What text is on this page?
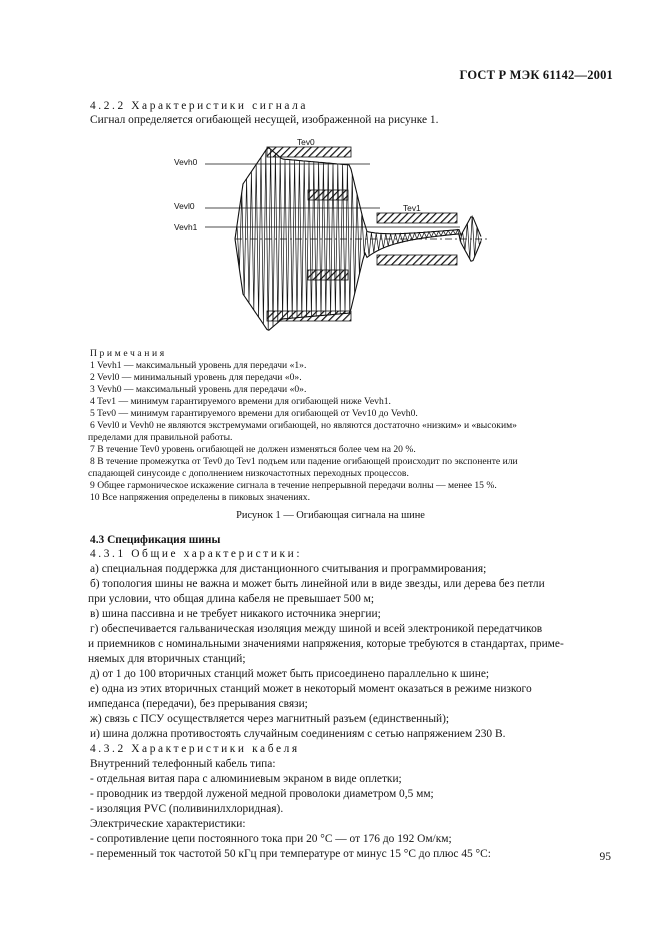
ГОСТ Р МЭК 61142—2001
4.2.2 Характеристики сигнала
Сигнал определяется огибающей несущей, изображенной на рисунке 1.
Vevh0
Vevl0
Vevh1
Tev0
Tev1
Примечания
1 Vevh1 — максимальный уровень для передачи «1».
2 Vevl0 — минимальный уровень для передачи «0».
3 Vevh0 — максимальный уровень для передачи «0».
4 Tev1 — минимум гарантируемого времени для огибающей ниже Vevh1.
5 Tev0 — минимум гарантируемого времени для огибающей от Vev10 до Vevh0.
6 Vevl0 и Vevh0 не являются экстремумами огибающей, но являются достаточно «низким» и «высоким»
пределами для правильной работы.
7 В течение Tev0 уровень огибающей не должен изменяться более чем на 20 %.
8 В течение промежутка от Tev0 до Tev1 подъем или падение огибающей происходит по экспоненте или
спадающей синусоиде с дополнением низкочастотных переходных процессов.
9 Общее гармоническое искажение сигнала в течение непрерывной передачи волны — менее 15 %.
10 Все напряжения определены в пиковых значениях.
Рисунок 1 — Огибающая сигнала на шине
4.3 Спецификация шины
4.3.1 Общие характеристики:
а) специальная поддержка для дистанционного считывания и программирования;
б) топология шины не важна и может быть линейной или в виде звезды, или дерева без петли
при условии, что общая длина кабеля не превышает 500 м;
в) шина пассивна и не требует никакого источника энергии;
г) обеспечивается гальваническая изоляция между шиной и всей электроникой передатчиков
и приемников с номинальными значениями напряжения, которые требуются в стандартах, приме-
няемых для вторичных станций;
д) от 1 до 100 вторичных станций может быть присоединено параллельно к шине;
е) одна из этих вторичных станций может в некоторый момент оказаться в режиме низкого
импеданса (передачи), без прерывания связи;
ж) связь с ПСУ осуществляется через магнитный разъем (единственный);
и) шина должна противостоять случайным соединениям с сетью напряжением 230 В.
4.3.2 Характеристики кабеля
Внутренний телефонный кабель типа:
- отдельная витая пара с алюминиевым экраном в виде оплетки;
- проводник из твердой луженой медной проволоки диаметром 0,5 мм;
- изоляция PVC (поливинилхлоридная).
Электрические характеристики:
- сопротивление цепи постоянного тока при 20 °С — от 176 до 192 Ом/км;
- переменный ток частотой 50 кГц при температуре от минус 15 °С до плюс 45 °С:	95
